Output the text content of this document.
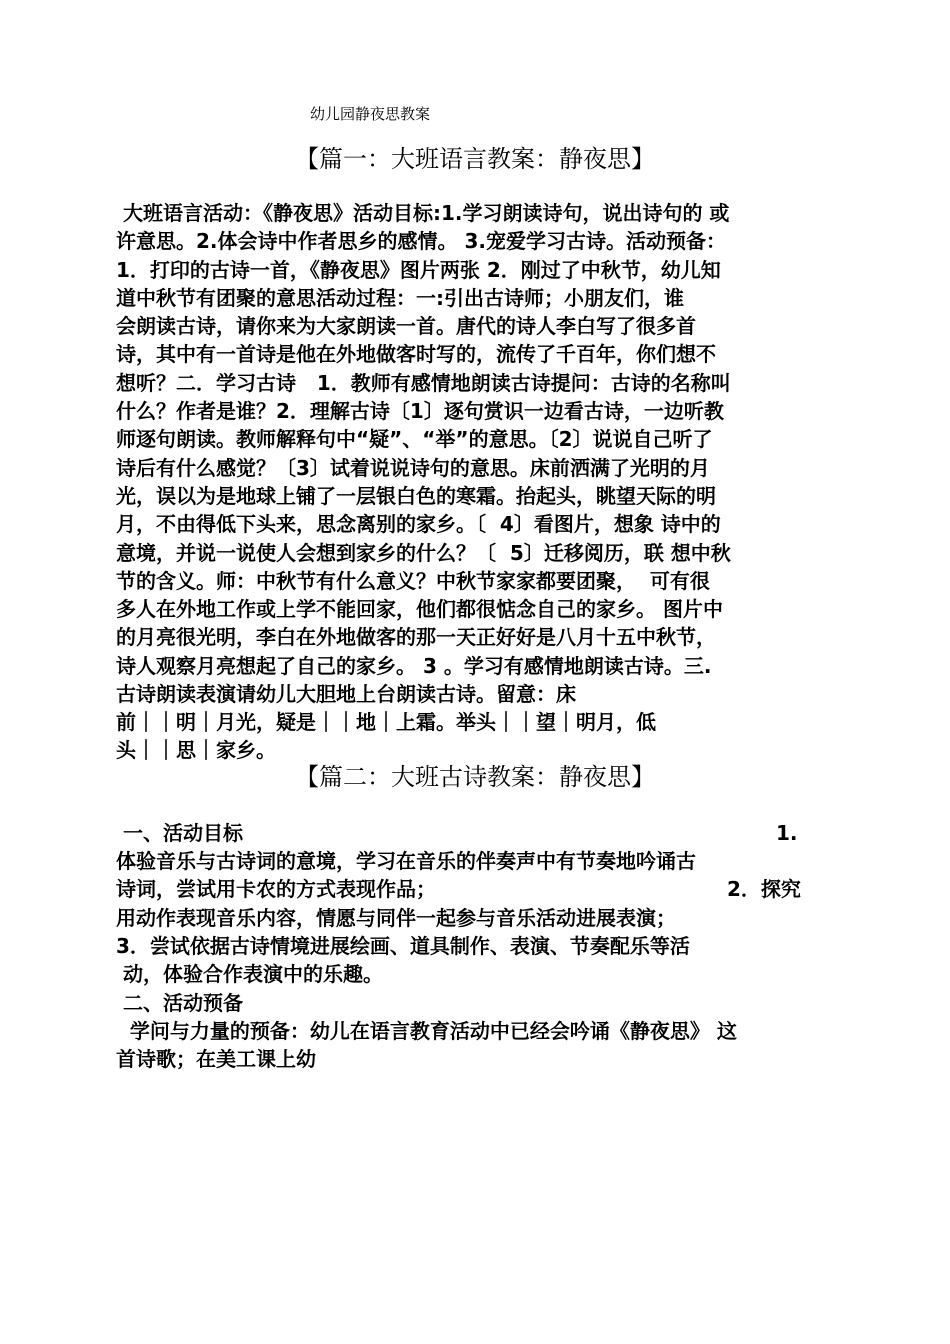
幼儿园静夜思教案
【篇一：大班语言教案：静夜思】
大班语言活动：《静夜思》活动目标:1.学习朗读诗句，说出诗句的 或
许意思。2.体会诗中作者思乡的感情。 3.宠爱学习古诗。活动预备：
1．打印的古诗一首，《静夜思》图片两张 2．刚过了中秋节，幼儿知
道中秋节有团聚的意思活动过程：一:引出古诗师；小朋友们，谁
会朗读古诗，请你来为大家朗读一首。唐代的诗人李白写了很多首
诗，其中有一首诗是他在外地做客时写的，流传了千百年，你们想不
想听？二．学习古诗   1．教师有感情地朗读古诗提问：古诗的名称叫
什么？作者是谁？2．理解古诗〔1〕逐句赏识一边看古诗，一边听教
师逐句朗读。教师解释句中“疑”、“举”的意思。〔2〕说说自己听了
诗后有什么感觉？〔3〕试着说说诗句的意思。床前洒满了光明的月
光，误以为是地球上铺了一层银白色的寒霜。抬起头，眺望天际的明
月，不由得低下头来，思念离别的家乡。〔  4〕看图片，想象 诗中的
意境，并说一说使人会想到家乡的什么？〔  5〕迁移阅历，联 想中秋
节的含义。师：中秋节有什么意义？中秋节家家都要团聚，  可有很
多人在外地工作或上学不能回家，他们都很惦念自己的家乡。 图片中
的月亮很光明，李白在外地做客的那一天正好好是八月十五中秋节，
诗人观察月亮想起了自己的家乡。 3 。学习有感情地朗读古诗。三.
古诗朗读表演请幼儿大胆地上台朗读古诗。留意：床
前｜｜明｜月光，疑是｜｜地｜上霜。举头｜｜望｜明月，低
头｜｜思｜家乡。
【篇二：大班古诗教案：静夜思】
一、活动目标	1.
体验音乐与古诗词的意境，学习在音乐的伴奏声中有节奏地吟诵古
诗词，尝试用卡农的方式表现作品；	2．探究
用动作表现音乐内容，情愿与同伴一起参与音乐活动进展表演；
3．尝试依据古诗情境进展绘画、道具制作、表演、节奏配乐等活
动，体验合作表演中的乐趣。
二、活动预备
学问与力量的预备：幼儿在语言教育活动中已经会吟诵《静夜思》 这
首诗歌；在美工课上幼
